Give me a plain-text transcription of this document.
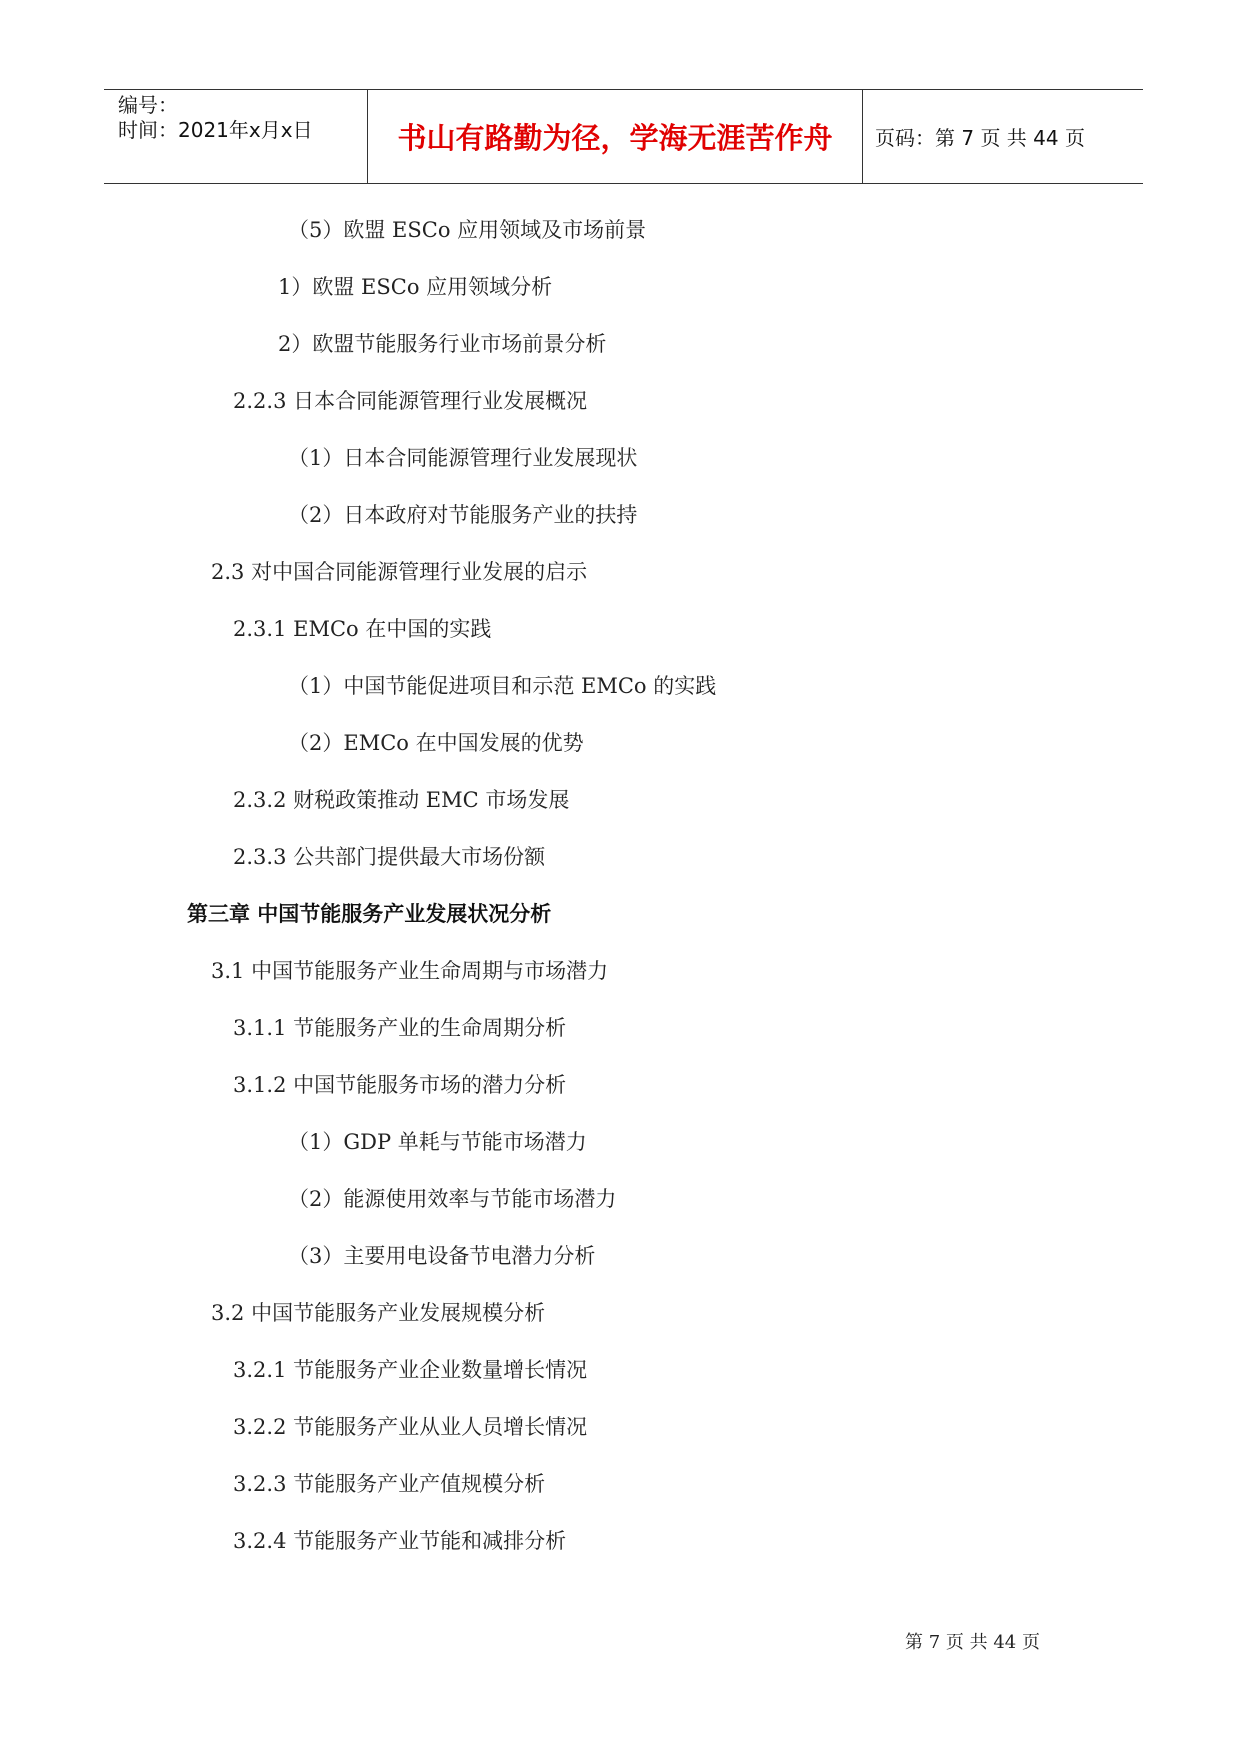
编号：
时间：2021年x月x日	书山有路勤为径，学海无涯苦作舟	页码：第 7 页 共 44 页
（5）欧盟 ESCo 应用领域及市场前景
1）欧盟 ESCo 应用领域分析
2）欧盟节能服务行业市场前景分析
2.2.3 日本合同能源管理行业发展概况
（1）日本合同能源管理行业发展现状
（2）日本政府对节能服务产业的扶持
2.3 对中国合同能源管理行业发展的启示
2.3.1 EMCo 在中国的实践
（1）中国节能促进项目和示范 EMCo 的实践
（2）EMCo 在中国发展的优势
2.3.2 财税政策推动 EMC 市场发展
2.3.3 公共部门提供最大市场份额
第三章 中国节能服务产业发展状况分析
3.1 中国节能服务产业生命周期与市场潜力
3.1.1 节能服务产业的生命周期分析
3.1.2 中国节能服务市场的潜力分析
（1）GDP 单耗与节能市场潜力
（2）能源使用效率与节能市场潜力
（3）主要用电设备节电潜力分析
3.2 中国节能服务产业发展规模分析
3.2.1 节能服务产业企业数量增长情况
3.2.2 节能服务产业从业人员增长情况
3.2.3 节能服务产业产值规模分析
3.2.4 节能服务产业节能和减排分析
第 7 页 共 44 页
